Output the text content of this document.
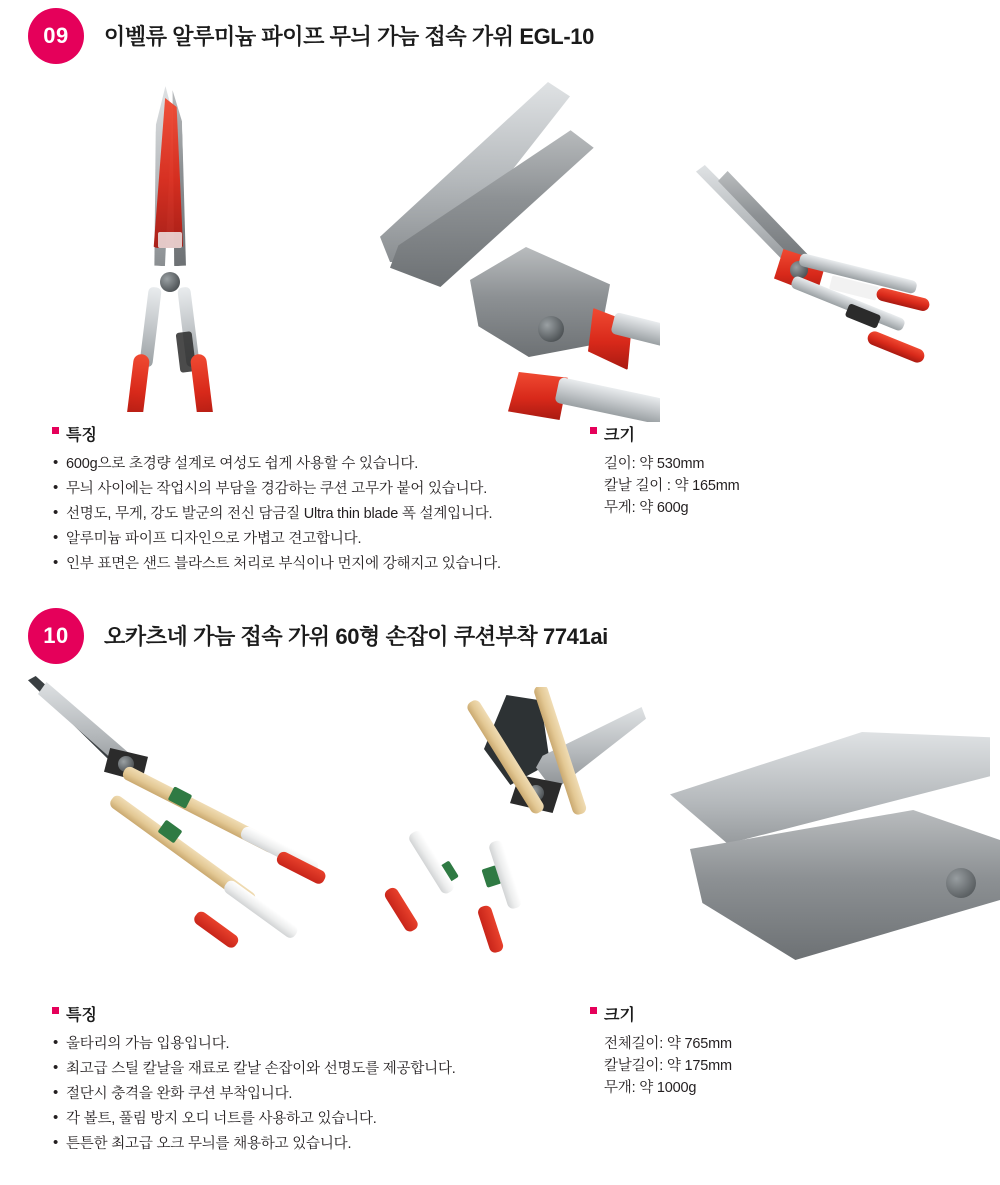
09	이벨류 알루미늄 파이프 무늬 가늠 접속 가위 EGL-10
특징
• 600g으로 초경량 설계로 여성도 쉽게 사용할 수 있습니다.
• 무늬 사이에는 작업시의 부담을 경감하는 쿠션 고무가 붙어 있습니다.
• 선명도, 무게, 강도 발군의 전신 담금질 Ultra thin blade 폭 설계입니다.
• 알루미늄 파이프 디자인으로 가볍고 견고합니다.
• 인부 표면은 샌드 블라스트 처리로 부식이나 먼지에 강해지고 있습니다.
크기
길이: 약 530mm
칼날 길이 : 약 165mm
무게: 약 600g
10	오카츠네 가늠 접속 가위 60형 손잡이 쿠션부착 7741ai
특징
• 울타리의 가늠 입용입니다.
• 최고급 스틸 칼날을 재료로 칼날 손잡이와 선명도를 제공합니다.
• 절단시 충격을 완화 쿠션 부착입니다.
• 각 볼트, 풀림 방지 오디 너트를 사용하고 있습니다.
• 튼튼한 최고급 오크 무늬를 채용하고 있습니다.
크기
전체길이: 약 765mm
칼날길이: 약 175mm
무개: 약 1000g
